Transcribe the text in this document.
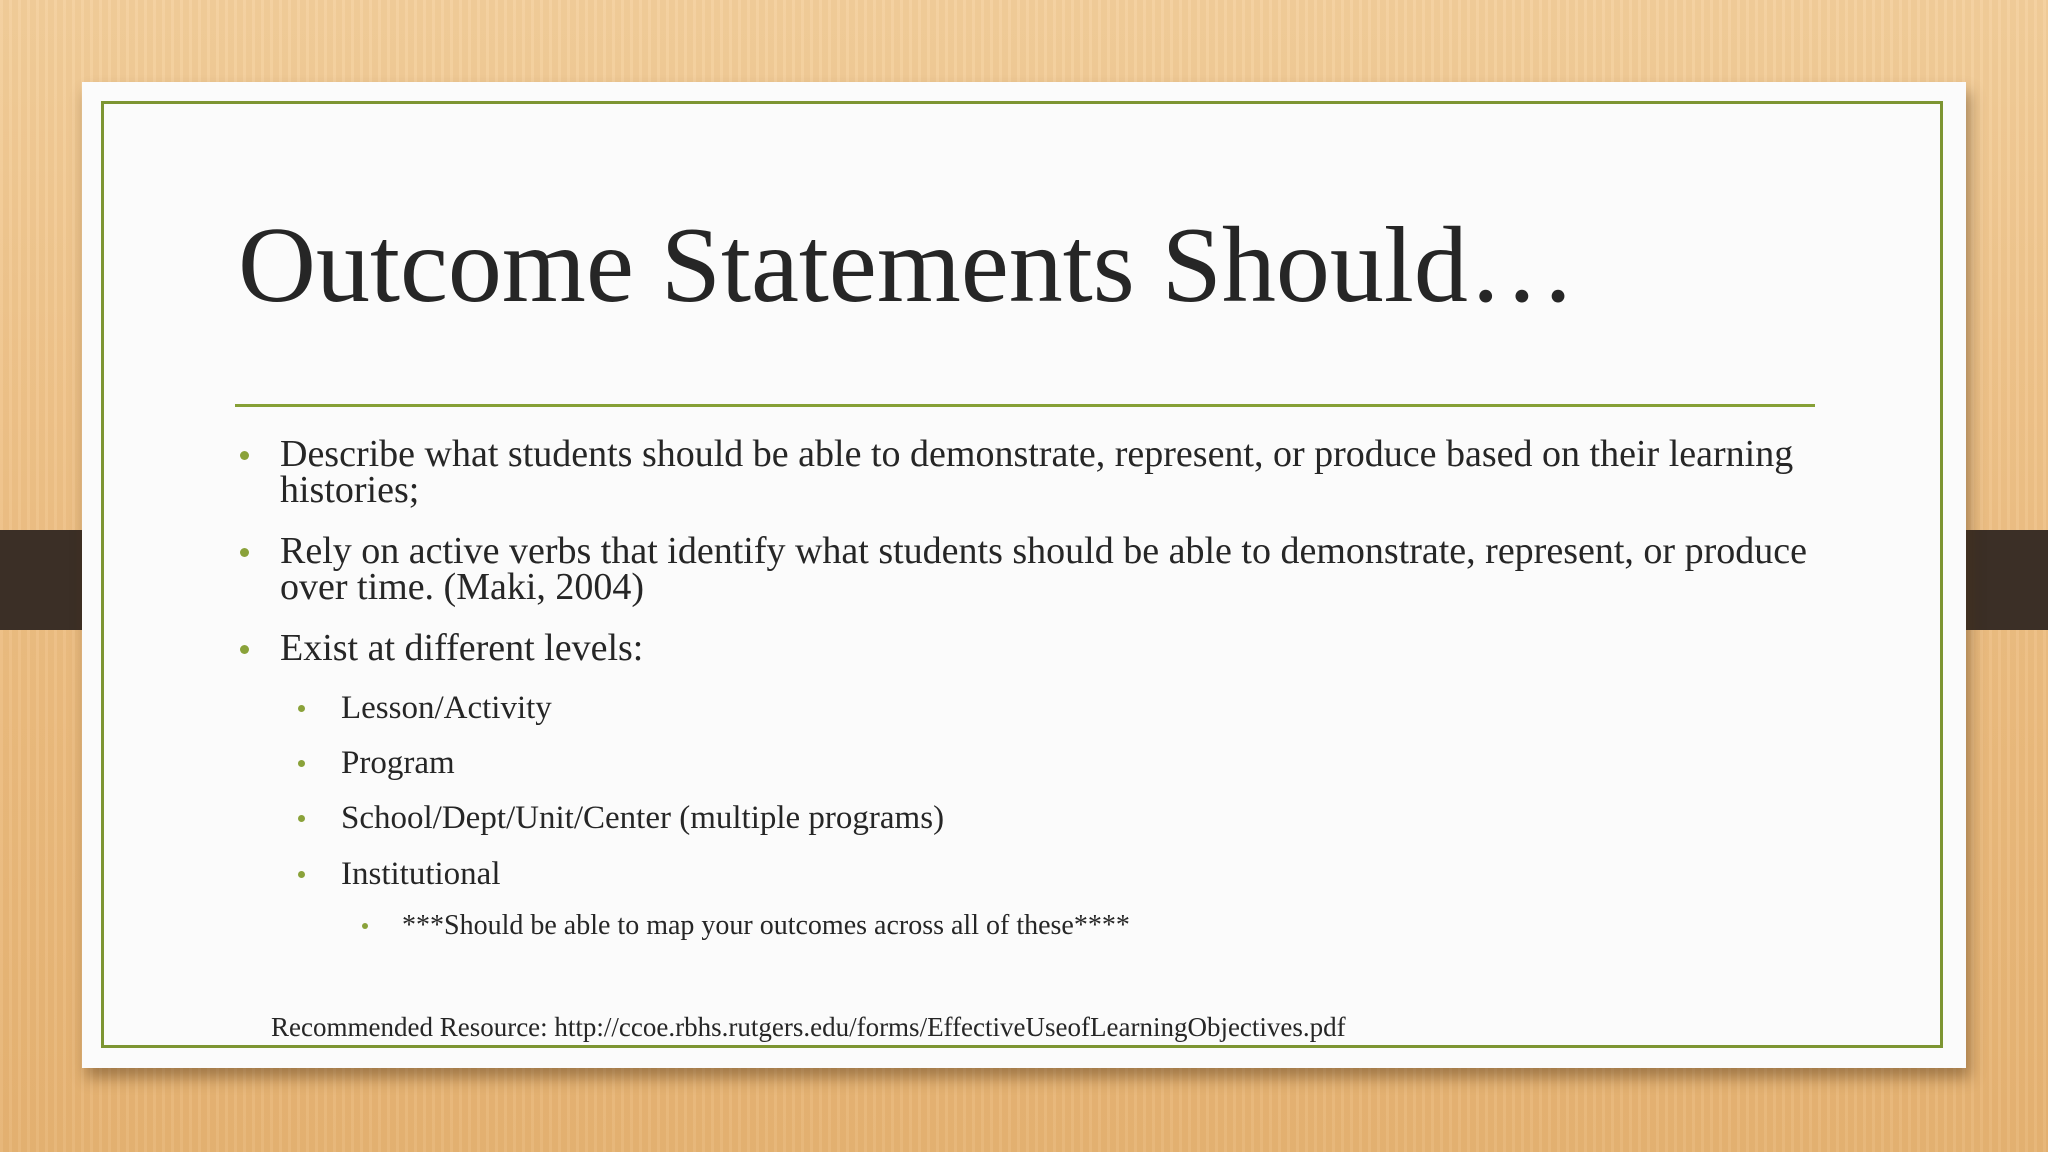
Outcome Statements Should…
Describe what students should be able to demonstrate, represent, or produce based on their learning histories;
Rely on active verbs that identify what students should be able to demonstrate, represent, or produce over time. (Maki, 2004)
Exist at different levels:
Lesson/Activity
Program
School/Dept/Unit/Center (multiple programs)
Institutional
***Should be able to map your outcomes across all of these****
Recommended Resource: http://ccoe.rbhs.rutgers.edu/forms/EffectiveUseofLearningObjectives.pdf
